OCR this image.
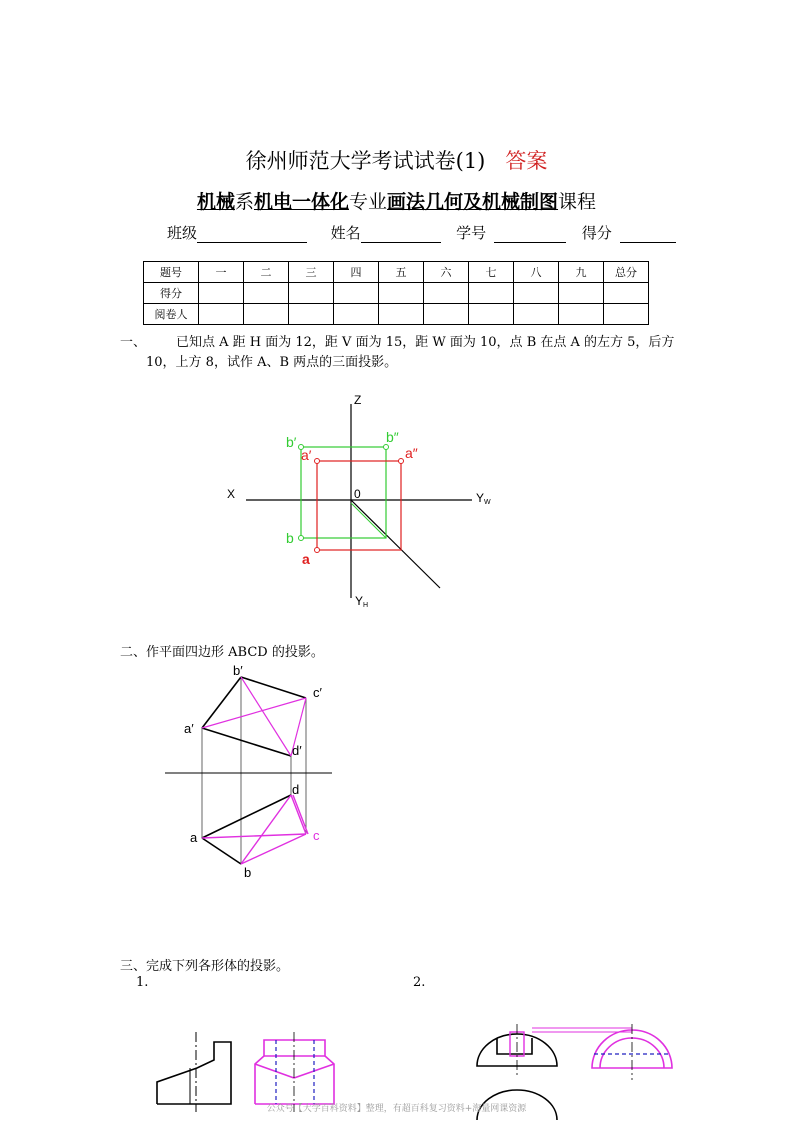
徐州师范大学考试试卷(1) 答案
机械系机电一体化专业画法几何及机械制图课程
班级	姓名	学号	得分
题号	一	二	三	四	五	六	七	八	九	总分
得分										
阅卷人										
一、 已知点 A 距 H 面为 12，距 V 面为 15，距 W 面为 10，点 B 在点 A 的左方 5，后方
10，上方 8，试作 A、B 两点的三面投影。
Z
X	0	YW
YH
b′	b″
b
a′	a″
a
二、作平面四边形 ABCD 的投影。
b′
c′
a′
d′
d
a	c
b
三、完成下列各形体的投影。
1.	2.
公众号【大学百科资料】整理，有超百科复习资料+海量网课资源
